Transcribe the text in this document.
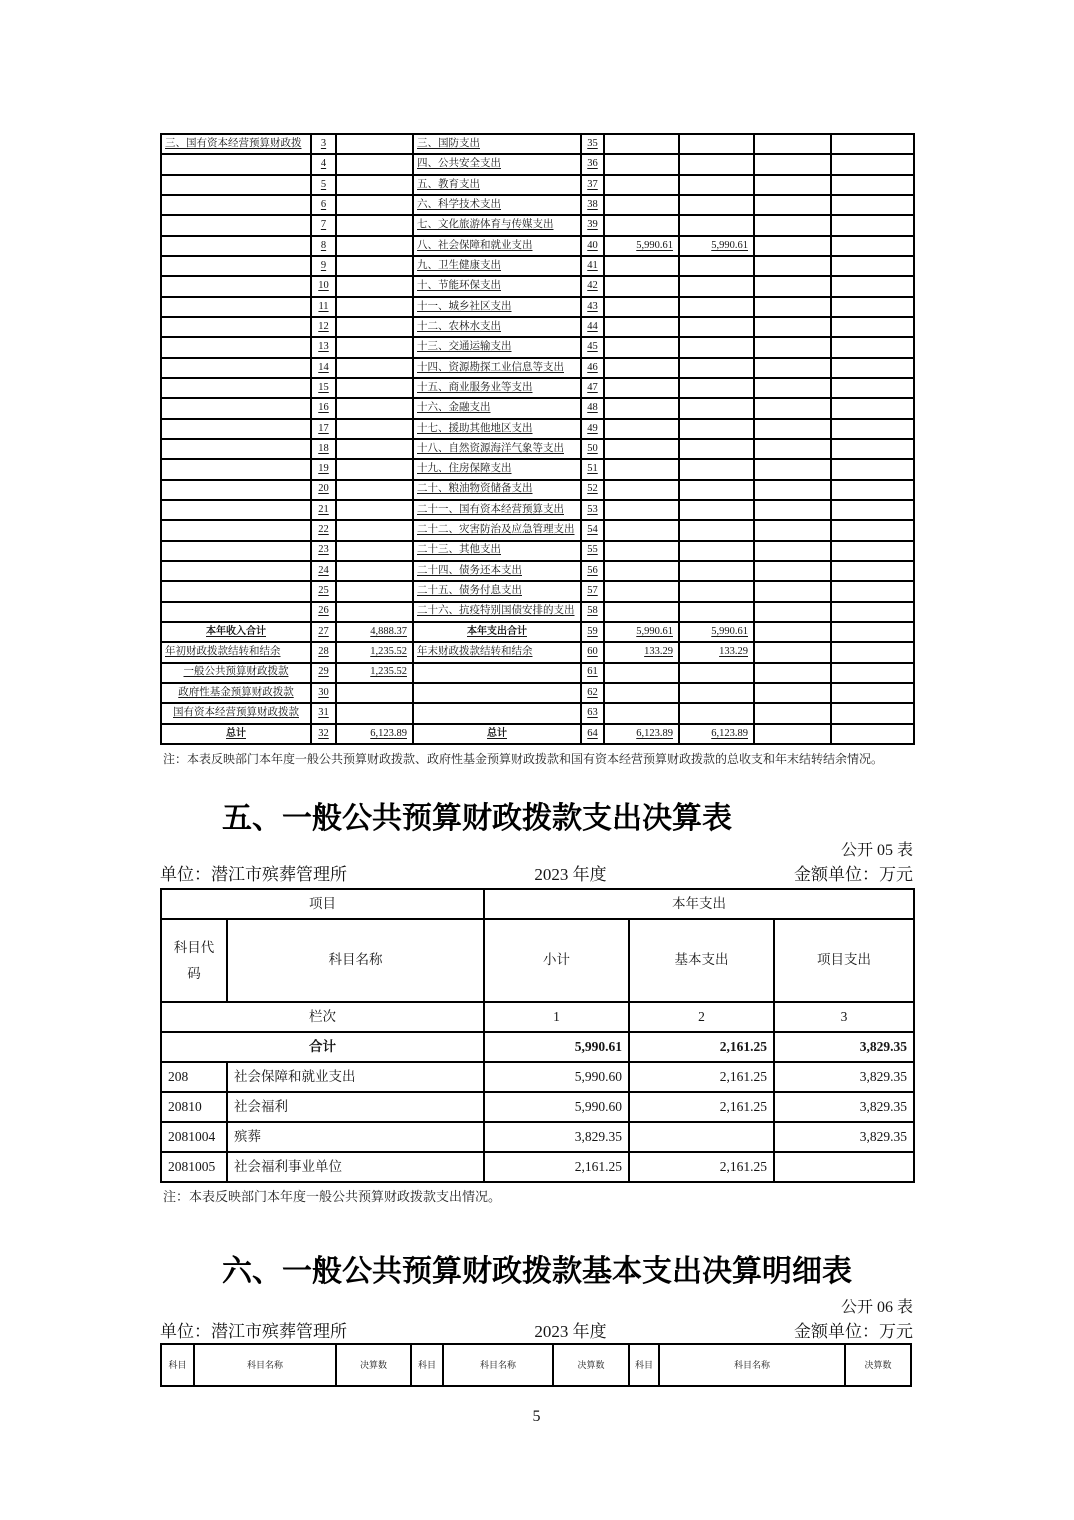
三、国有资本经营预算财政拨	3		三、国防支出	35				
	4		四、公共安全支出	36				
	5		五、教育支出	37				
	6		六、科学技术支出	38				
	7		七、文化旅游体育与传媒支出	39				
	8		八、社会保障和就业支出	40	5,990.61	5,990.61		
	9		九、卫生健康支出	41				
	10		十、节能环保支出	42				
	11		十一、城乡社区支出	43				
	12		十二、农林水支出	44				
	13		十三、交通运输支出	45				
	14		十四、资源勘探工业信息等支出	46				
	15		十五、商业服务业等支出	47				
	16		十六、金融支出	48				
	17		十七、援助其他地区支出	49				
	18		十八、自然资源海洋气象等支出	50				
	19		十九、住房保障支出	51				
	20		二十、粮油物资储备支出	52				
	21		二十一、国有资本经营预算支出	53				
	22		二十二、灾害防治及应急管理支出	54				
	23		二十三、其他支出	55				
	24		二十四、债务还本支出	56				
	25		二十五、债务付息支出	57				
	26		二十六、抗疫特别国债安排的支出	58				
本年收入合计	27	4,888.37	本年支出合计	59	5,990.61	5,990.61		
年初财政拨款结转和结余	28	1,235.52	年末财政拨款结转和结余	60	133.29	133.29		
一般公共预算财政拨款	29	1,235.52		61				
政府性基金预算财政拨款	30			62				
国有资本经营预算财政拨款	31			63				
总计	32	6,123.89	总计	64	6,123.89	6,123.89		
注：本表反映部门本年度一般公共预算财政拨款、政府性基金预算财政拨款和国有资本经营预算财政拨款的总收支和年末结转结余情况。
五、一般公共预算财政拨款支出决算表
公开 05 表
单位：潜江市殡葬管理所	2023 年度	金额单位：万元
项目		本年支出		
科目代码	科目名称	小计	基本支出	项目支出
栏次		1	2	3
合计		5,990.61	2,161.25	3,829.35
208	社会保障和就业支出	5,990.60	2,161.25	3,829.35
20810	社会福利	5,990.60	2,161.25	3,829.35
2081004	殡葬	3,829.35		3,829.35
2081005	社会福利事业单位	2,161.25	2,161.25	
注：本表反映部门本年度一般公共预算财政拨款支出情况。
六、一般公共预算财政拨款基本支出决算明细表
公开 06 表
单位：潜江市殡葬管理所	2023 年度	金额单位：万元
科目	科目名称	决算数	科目	科目名称	决算数	科目	科目名称	决算数
5
